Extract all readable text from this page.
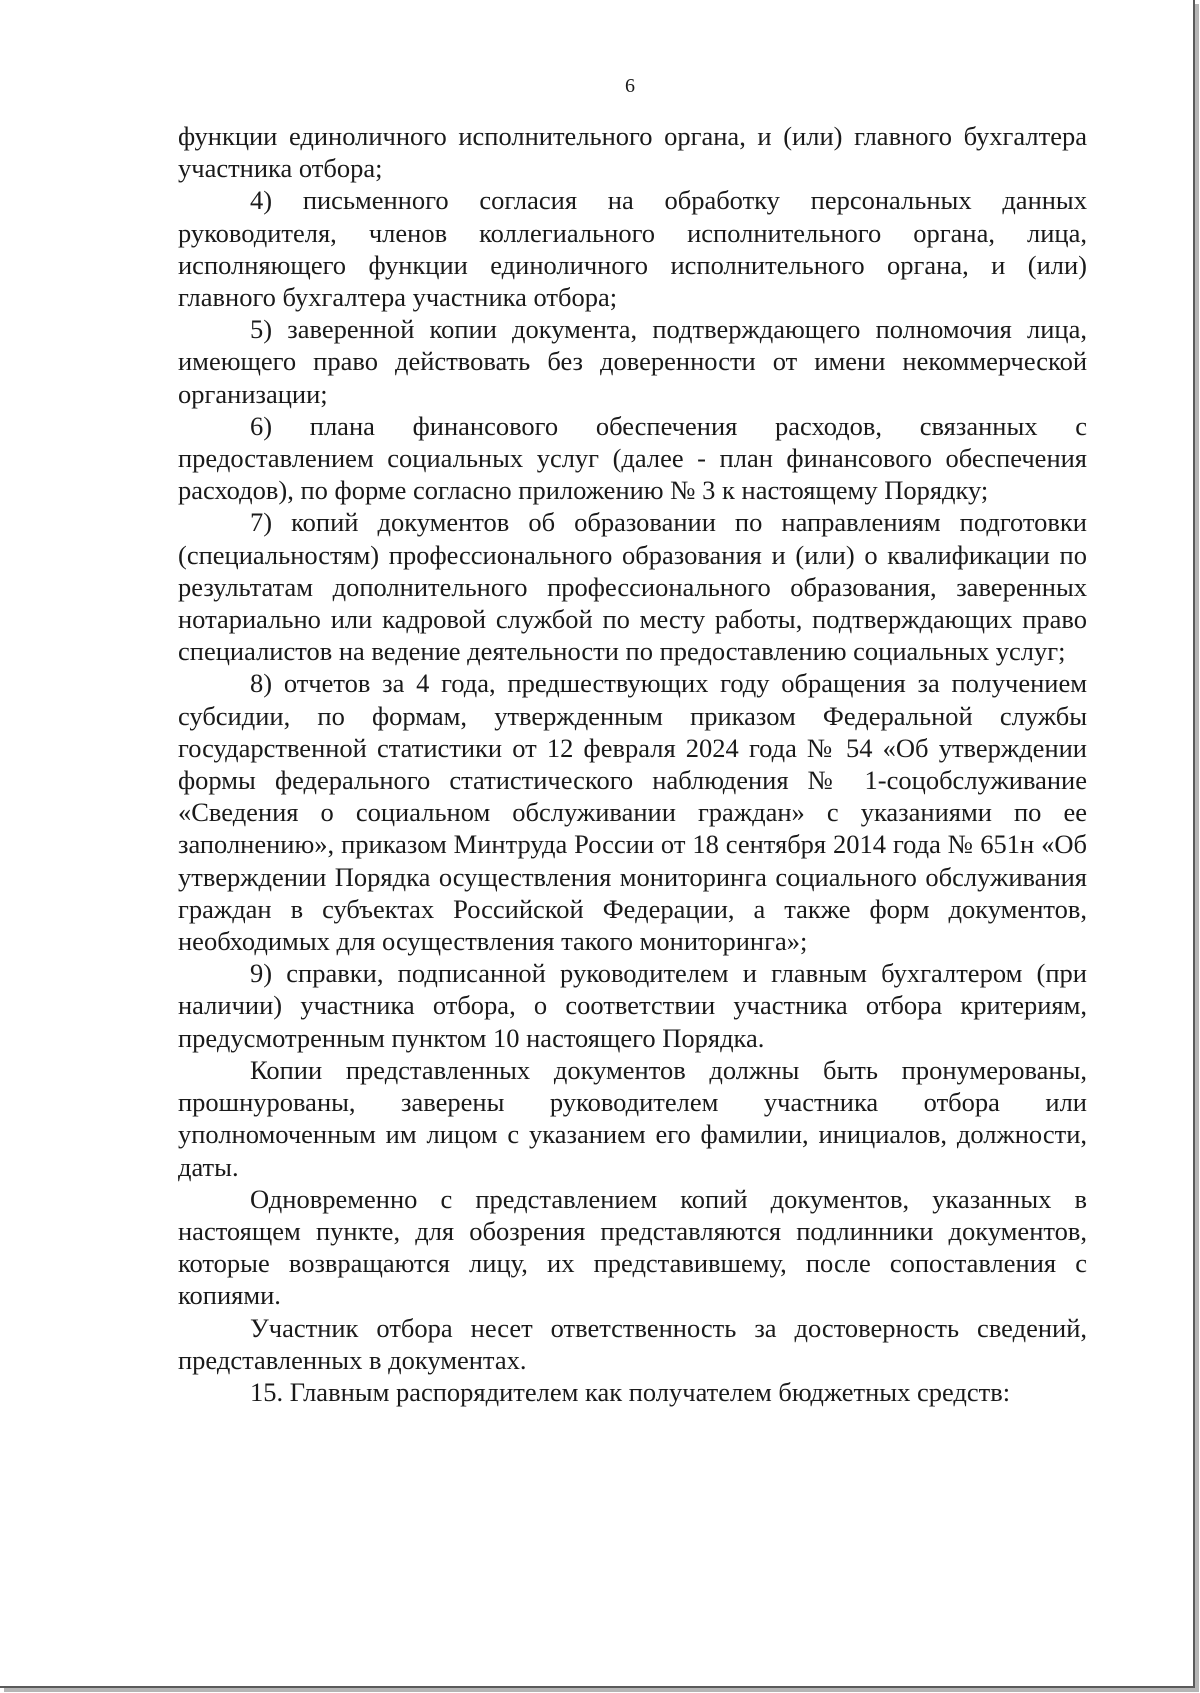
6

функции единоличного исполнительного органа, и (или) главного бухгалтера участника отбора;

4) письменного согласия на обработку персональных данных руководителя, членов коллегиального исполнительного органа, лица, исполняющего функции единоличного исполнительного органа, и (или) главного бухгалтера участника отбора;

5) заверенной копии документа, подтверждающего полномочия лица, имеющего право действовать без доверенности от имени некоммерческой организации;

6) плана финансового обеспечения расходов, связанных с предоставлением социальных услуг (далее - план финансового обеспечения расходов), по форме согласно приложению № 3 к настоящему Порядку;

7) копий документов об образовании по направлениям подготовки (специальностям) профессионального образования и (или) о квалификации по результатам дополнительного профессионального образования, заверенных нотариально или кадровой службой по месту работы, подтверждающих право специалистов на ведение деятельности по предоставлению социальных услуг;

8) отчетов за 4 года, предшествующих году обращения за получением субсидии, по формам, утвержденным приказом Федеральной службы государственной статистики от 12 февраля 2024 года № 54 «Об утверждении формы федерального статистического наблюдения № 1-соцобслуживание «Сведения о социальном обслуживании граждан» с указаниями по ее заполнению», приказом Минтруда России от 18 сентября 2014 года № 651н «Об утверждении Порядка осуществления мониторинга социального обслуживания граждан в субъектах Российской Федерации, а также форм документов, необходимых для осуществления такого мониторинга»;

9) справки, подписанной руководителем и главным бухгалтером (при наличии) участника отбора, о соответствии участника отбора критериям, предусмотренным пунктом 10 настоящего Порядка.

Копии представленных документов должны быть пронумерованы, прошнурованы, заверены руководителем участника отбора или уполномоченным им лицом с указанием его фамилии, инициалов, должности, даты.

Одновременно с представлением копий документов, указанных в настоящем пункте, для обозрения представляются подлинники документов, которые возвращаются лицу, их представившему, после сопоставления с копиями.

Участник отбора несет ответственность за достоверность сведений, представленных в документах.

15. Главным распорядителем как получателем бюджетных средств:
